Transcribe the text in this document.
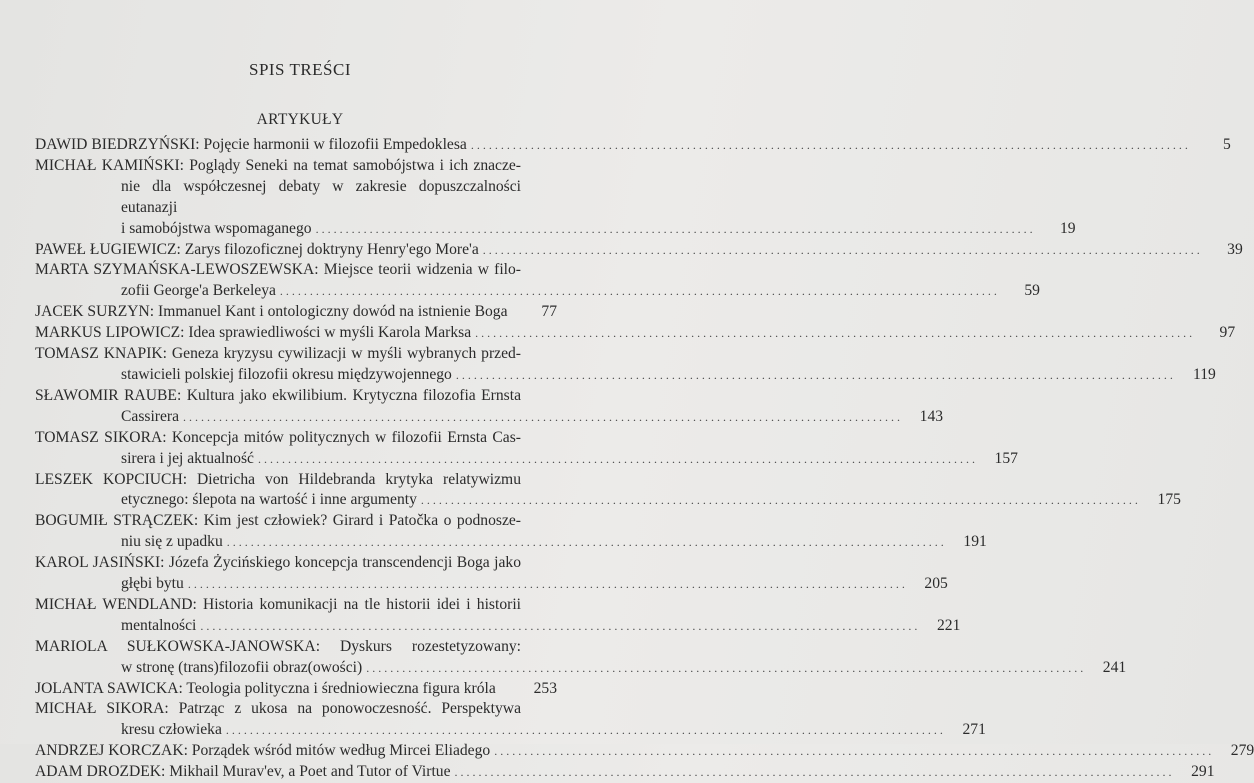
SPIS TREŚCI
ARTYKUŁY
DAWID BIEDRZYŃSKI: Pojęcie harmonii w filozofii Empedoklesa ........................................................................................................................	5
MICHAŁ KAMIŃSKI: Poglądy Seneki na temat samobójstwa i ich znacze-
nie dla współczesnej debaty w zakresie dopuszczalności eutanazji
i samobójstwa wspomaganego ........................................................................................................................	19
PAWEŁ ŁUGIEWICZ: Zarys filozoficznej doktryny Henry'ego More'a ........................................................................................................................	39
MARTA SZYMAŃSKA-LEWOSZEWSKA: Miejsce teorii widzenia w filo-
zofii George'a Berkeleya ........................................................................................................................	59
JACEK SURZYN: Immanuel Kant i ontologiczny dowód na istnienie Boga	77
MARKUS LIPOWICZ: Idea sprawiedliwości w myśli Karola Marksa ........................................................................................................................	97
TOMASZ KNAPIK: Geneza kryzysu cywilizacji w myśli wybranych przed-
stawicieli polskiej filozofii okresu międzywojennego ........................................................................................................................	119
SŁAWOMIR RAUBE: Kultura jako ekwilibium. Krytyczna filozofia Ernsta
Cassirera ........................................................................................................................	143
TOMASZ SIKORA: Koncepcja mitów politycznych w filozofii Ernsta Cas-
sirera i jej aktualność ........................................................................................................................	157
LESZEK KOPCIUCH: Dietricha von Hildebranda krytyka relatywizmu
etycznego: ślepota na wartość i inne argumenty ........................................................................................................................	175
BOGUMIŁ STRĄCZEK: Kim jest człowiek? Girard i Patočka o podnosze-
niu się z upadku ........................................................................................................................	191
KAROL JASIŃSKI: Józefa Życińskiego koncepcja transcendencji Boga jako
głębi bytu ........................................................................................................................	205
MICHAŁ WENDLAND: Historia komunikacji na tle historii idei i historii
mentalności ........................................................................................................................	221
MARIOLA SUŁKOWSKA-JANOWSKA: Dyskurs rozestetyzowany:
w stronę (trans)filozofii obraz(owości) ........................................................................................................................	241
JOLANTA SAWICKA: Teologia polityczna i średniowieczna figura króla	253
MICHAŁ SIKORA: Patrząc z ukosa na ponowoczesność. Perspektywa
kresu człowieka ........................................................................................................................	271
ANDRZEJ KORCZAK: Porządek wśród mitów według Mircei Eliadego ........................................................................................................................	279
ADAM DROZDEK: Mikhail Murav'ev, a Poet and Tutor of Virtue ........................................................................................................................	291
